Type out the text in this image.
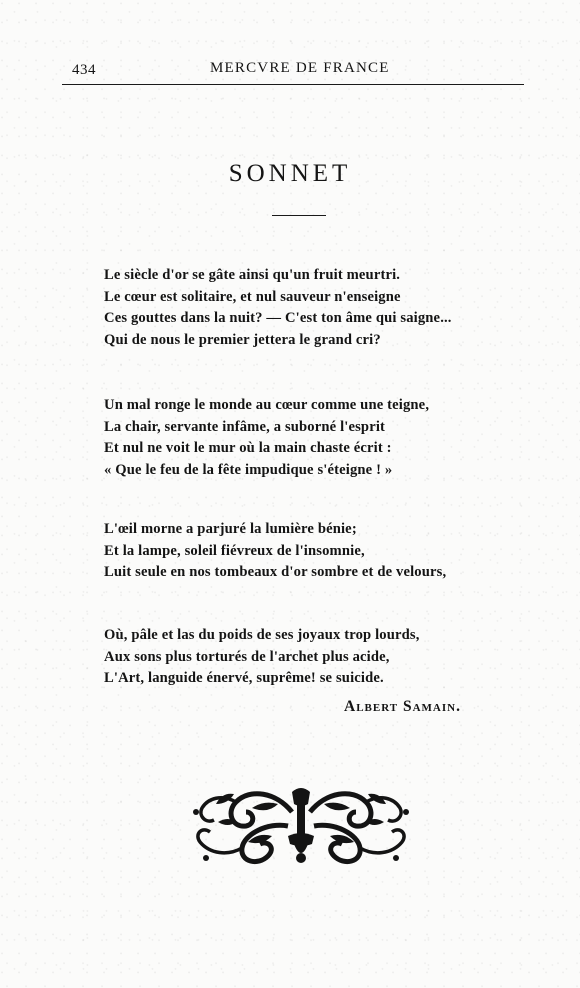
434	MERCVRE DE FRANCE
SONNET
Le siècle d'or se gâte ainsi qu'un fruit meurtri.
Le cœur est solitaire, et nul sauveur n'enseigne
Ces gouttes dans la nuit? — C'est ton âme qui saigne...
Qui de nous le premier jettera le grand cri?
Un mal ronge le monde au cœur comme une teigne,
La chair, servante infâme, a suborné l'esprit
Et nul ne voit le mur où la main chaste écrit :
« Que le feu de la fête impudique s'éteigne ! »
L'œil morne a parjuré la lumière bénie;
Et la lampe, soleil fiévreux de l'insomnie,
Luit seule en nos tombeaux d'or sombre et de velours,
Où, pâle et las du poids de ses joyaux trop lourds,
Aux sons plus torturés de l'archet plus acide,
L'Art, languide énervé, suprême! se suicide.
Albert Samain.
